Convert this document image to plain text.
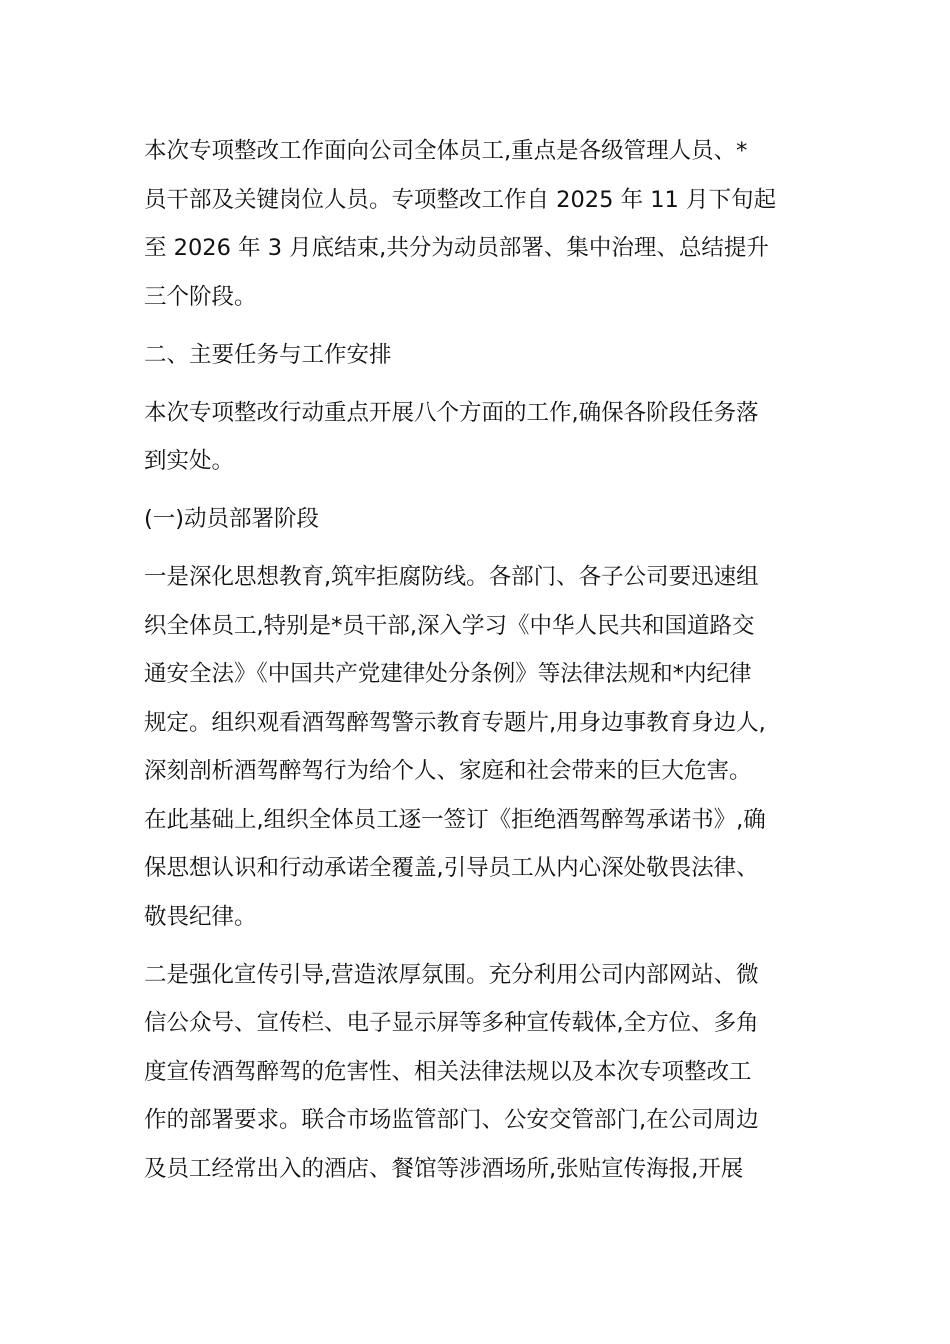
本次专项整改工作面向公司全体员工,重点是各级管理人员、*
员干部及关键岗位人员。专项整改工作自 2025 年 11 月下旬起
至 2026 年 3 月底结束,共分为动员部署、集中治理、总结提升
三个阶段。
二、主要任务与工作安排
本次专项整改行动重点开展八个方面的工作,确保各阶段任务落
到实处。
(一)动员部署阶段
一是深化思想教育,筑牢拒腐防线。各部门、各子公司要迅速组
织全体员工,特别是*员干部,深入学习《中华人民共和国道路交
通安全法》《中国共产党建律处分条例》等法律法规和*内纪律
规定。组织观看酒驾醉驾警示教育专题片,用身边事教育身边人,
深刻剖析酒驾醉驾行为给个人、家庭和社会带来的巨大危害。
在此基础上,组织全体员工逐一签订《拒绝酒驾醉驾承诺书》,确
保思想认识和行动承诺全覆盖,引导员工从内心深处敬畏法律、
敬畏纪律。
二是强化宣传引导,营造浓厚氛围。充分利用公司内部网站、微
信公众号、宣传栏、电子显示屏等多种宣传载体,全方位、多角
度宣传酒驾醉驾的危害性、相关法律法规以及本次专项整改工
作的部署要求。联合市场监管部门、公安交管部门,在公司周边
及员工经常出入的酒店、餐馆等涉酒场所,张贴宣传海报,开展
